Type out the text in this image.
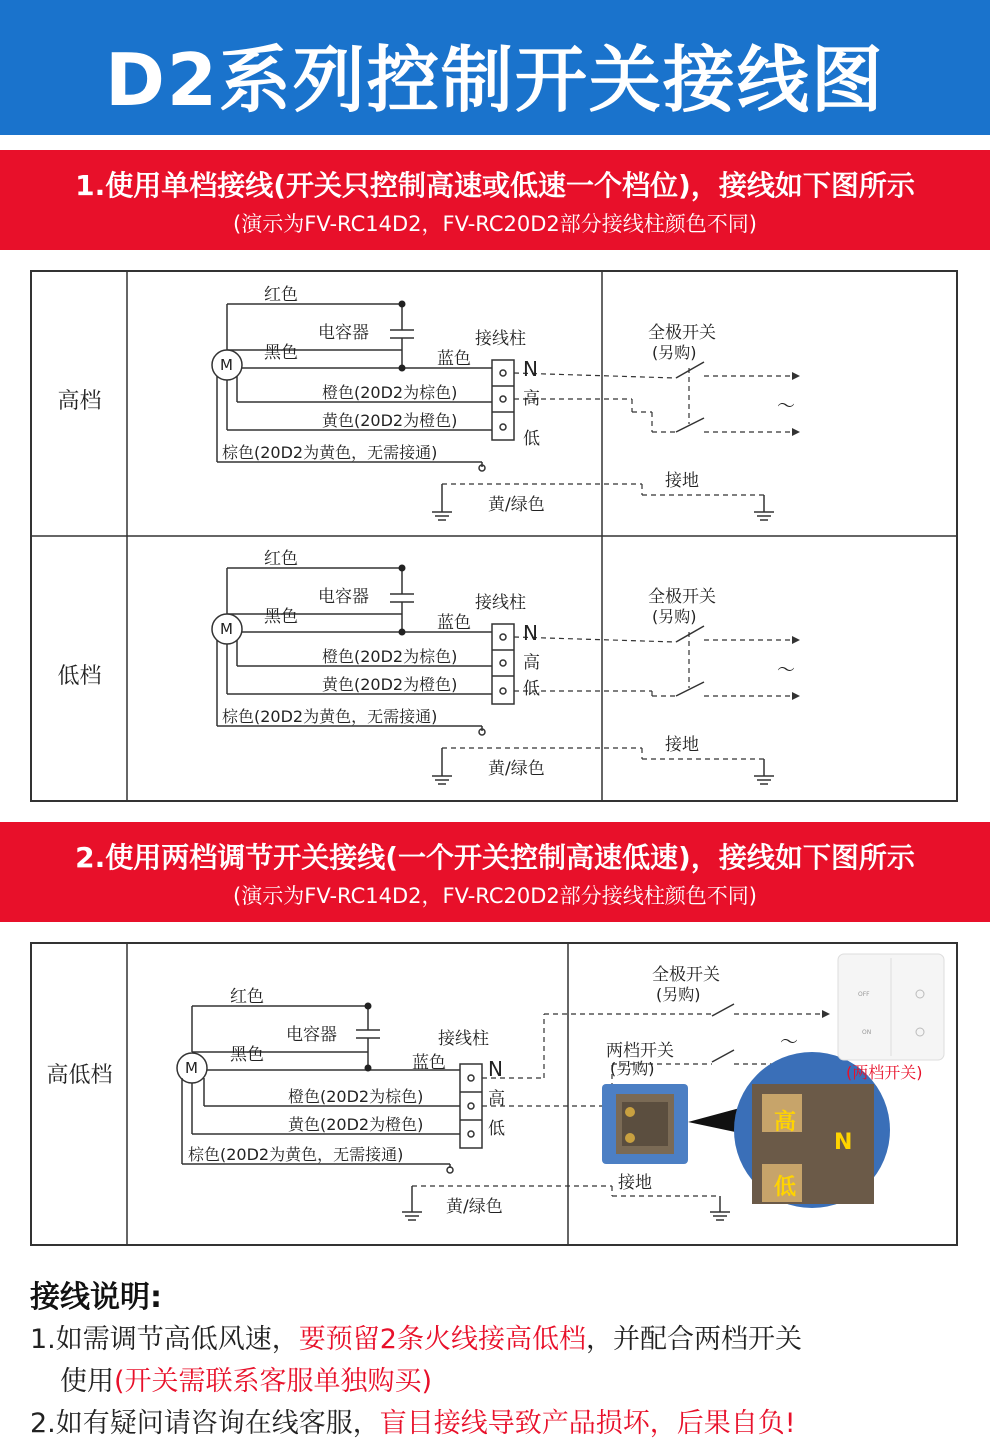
D2系列控制开关接线图
1.使用单档接线(开关只控制高速或低速一个档位)，接线如下图所示
(演示为FV-RC14D2，FV-RC20D2部分接线柱颜色不同)
高档
低档
红色
电容器
黑色
接线柱
蓝色	N
高
低
橙色(20D2为棕色)
黄色(20D2为橙色)
棕色(20D2为黄色，无需接通)
黄/绿色
接地
全极开关
(另购)
～
M
红色
电容器
黑色
接线柱
蓝色	N
高
低
橙色(20D2为棕色)
黄色(20D2为橙色)
棕色(20D2为黄色，无需接通)
黄/绿色
接地
全极开关
(另购)
～
M
2.使用两档调节开关接线(一个开关控制高速低速)，接线如下图所示
(演示为FV-RC14D2，FV-RC20D2部分接线柱颜色不同)
高低档
红色
电容器
黑色
接线柱
蓝色 N
高
低
橙色(20D2为棕色)
黄色(20D2为橙色)
棕色(20D2为黄色，无需接通)
黄/绿色
接地
全极开关
(另购)
两档开关
(另购)
～
M
高
N
低
OFF
ON
(两档开关)
接线说明:
1.如需调节高低风速，要预留2条火线接高低档，并配合两档开关
使用(开关需联系客服单独购买)
2.如有疑问请咨询在线客服，盲目接线导致产品损坏，后果自负!
